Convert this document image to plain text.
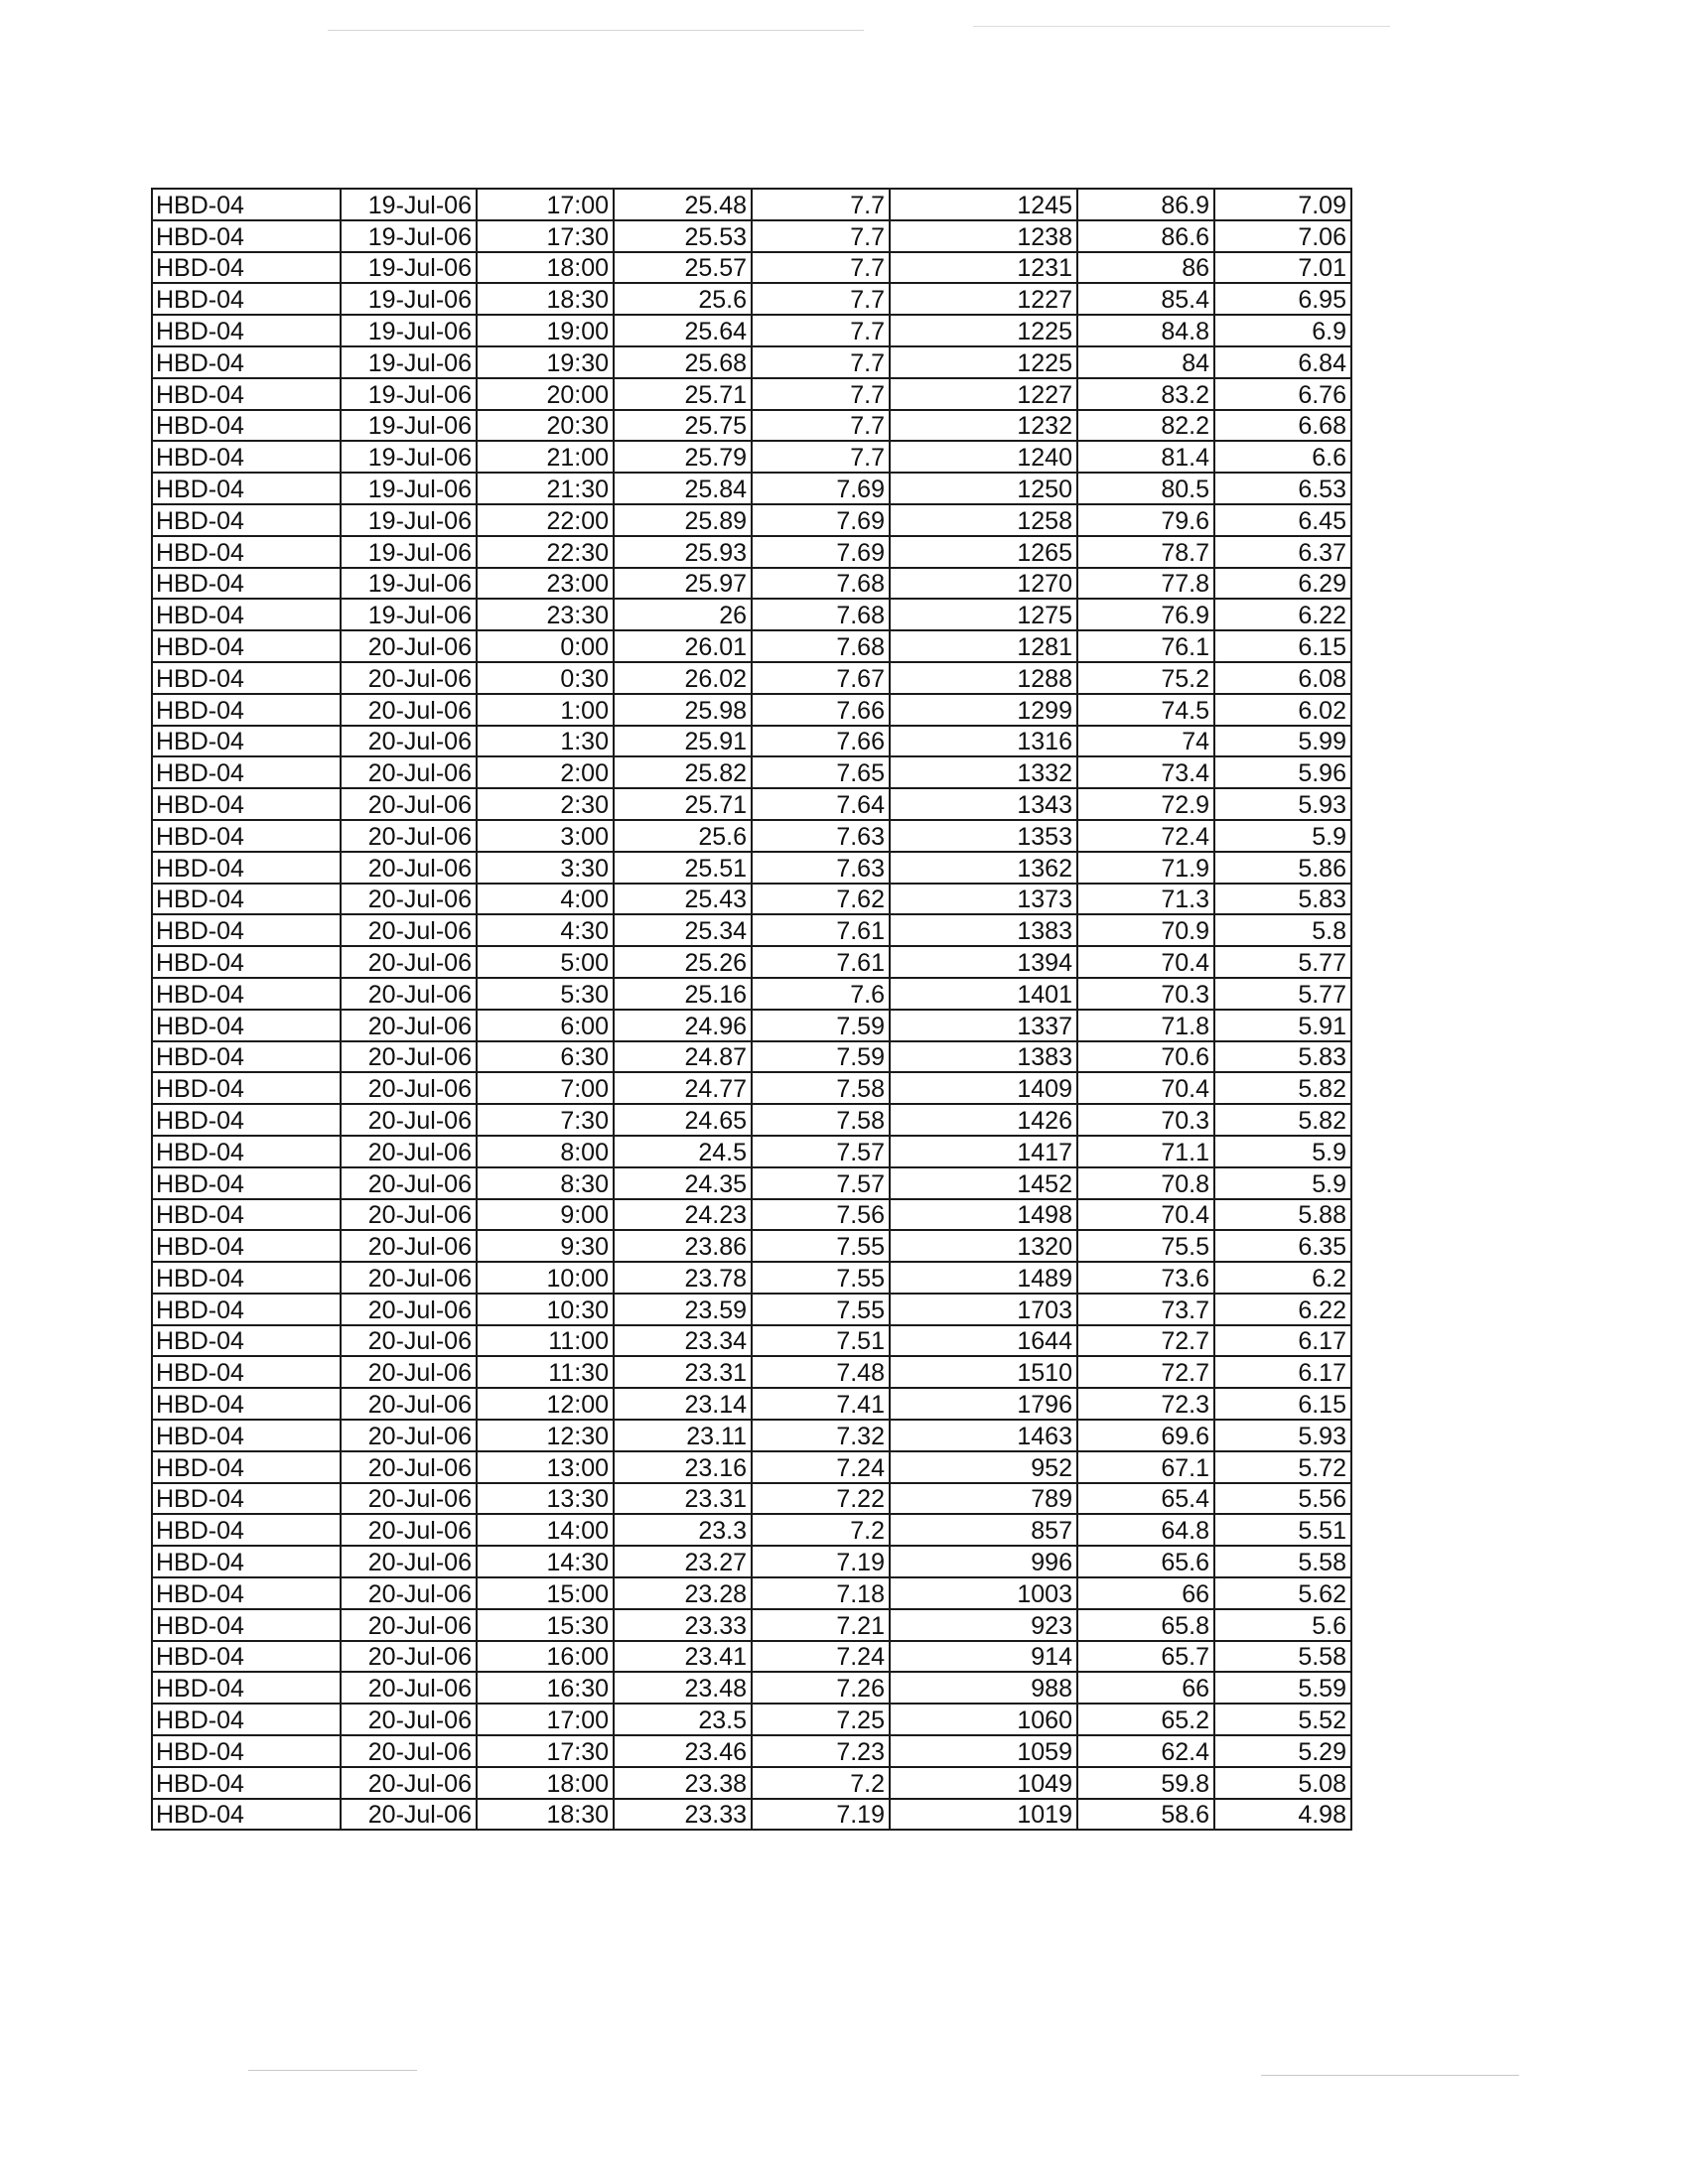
HBD-04	19-Jul-06	17:00	25.48	7.7	1245	86.9	7.09
HBD-04	19-Jul-06	17:30	25.53	7.7	1238	86.6	7.06
HBD-04	19-Jul-06	18:00	25.57	7.7	1231	86	7.01
HBD-04	19-Jul-06	18:30	25.6	7.7	1227	85.4	6.95
HBD-04	19-Jul-06	19:00	25.64	7.7	1225	84.8	6.9
HBD-04	19-Jul-06	19:30	25.68	7.7	1225	84	6.84
HBD-04	19-Jul-06	20:00	25.71	7.7	1227	83.2	6.76
HBD-04	19-Jul-06	20:30	25.75	7.7	1232	82.2	6.68
HBD-04	19-Jul-06	21:00	25.79	7.7	1240	81.4	6.6
HBD-04	19-Jul-06	21:30	25.84	7.69	1250	80.5	6.53
HBD-04	19-Jul-06	22:00	25.89	7.69	1258	79.6	6.45
HBD-04	19-Jul-06	22:30	25.93	7.69	1265	78.7	6.37
HBD-04	19-Jul-06	23:00	25.97	7.68	1270	77.8	6.29
HBD-04	19-Jul-06	23:30	26	7.68	1275	76.9	6.22
HBD-04	20-Jul-06	0:00	26.01	7.68	1281	76.1	6.15
HBD-04	20-Jul-06	0:30	26.02	7.67	1288	75.2	6.08
HBD-04	20-Jul-06	1:00	25.98	7.66	1299	74.5	6.02
HBD-04	20-Jul-06	1:30	25.91	7.66	1316	74	5.99
HBD-04	20-Jul-06	2:00	25.82	7.65	1332	73.4	5.96
HBD-04	20-Jul-06	2:30	25.71	7.64	1343	72.9	5.93
HBD-04	20-Jul-06	3:00	25.6	7.63	1353	72.4	5.9
HBD-04	20-Jul-06	3:30	25.51	7.63	1362	71.9	5.86
HBD-04	20-Jul-06	4:00	25.43	7.62	1373	71.3	5.83
HBD-04	20-Jul-06	4:30	25.34	7.61	1383	70.9	5.8
HBD-04	20-Jul-06	5:00	25.26	7.61	1394	70.4	5.77
HBD-04	20-Jul-06	5:30	25.16	7.6	1401	70.3	5.77
HBD-04	20-Jul-06	6:00	24.96	7.59	1337	71.8	5.91
HBD-04	20-Jul-06	6:30	24.87	7.59	1383	70.6	5.83
HBD-04	20-Jul-06	7:00	24.77	7.58	1409	70.4	5.82
HBD-04	20-Jul-06	7:30	24.65	7.58	1426	70.3	5.82
HBD-04	20-Jul-06	8:00	24.5	7.57	1417	71.1	5.9
HBD-04	20-Jul-06	8:30	24.35	7.57	1452	70.8	5.9
HBD-04	20-Jul-06	9:00	24.23	7.56	1498	70.4	5.88
HBD-04	20-Jul-06	9:30	23.86	7.55	1320	75.5	6.35
HBD-04	20-Jul-06	10:00	23.78	7.55	1489	73.6	6.2
HBD-04	20-Jul-06	10:30	23.59	7.55	1703	73.7	6.22
HBD-04	20-Jul-06	11:00	23.34	7.51	1644	72.7	6.17
HBD-04	20-Jul-06	11:30	23.31	7.48	1510	72.7	6.17
HBD-04	20-Jul-06	12:00	23.14	7.41	1796	72.3	6.15
HBD-04	20-Jul-06	12:30	23.11	7.32	1463	69.6	5.93
HBD-04	20-Jul-06	13:00	23.16	7.24	952	67.1	5.72
HBD-04	20-Jul-06	13:30	23.31	7.22	789	65.4	5.56
HBD-04	20-Jul-06	14:00	23.3	7.2	857	64.8	5.51
HBD-04	20-Jul-06	14:30	23.27	7.19	996	65.6	5.58
HBD-04	20-Jul-06	15:00	23.28	7.18	1003	66	5.62
HBD-04	20-Jul-06	15:30	23.33	7.21	923	65.8	5.6
HBD-04	20-Jul-06	16:00	23.41	7.24	914	65.7	5.58
HBD-04	20-Jul-06	16:30	23.48	7.26	988	66	5.59
HBD-04	20-Jul-06	17:00	23.5	7.25	1060	65.2	5.52
HBD-04	20-Jul-06	17:30	23.46	7.23	1059	62.4	5.29
HBD-04	20-Jul-06	18:00	23.38	7.2	1049	59.8	5.08
HBD-04	20-Jul-06	18:30	23.33	7.19	1019	58.6	4.98
